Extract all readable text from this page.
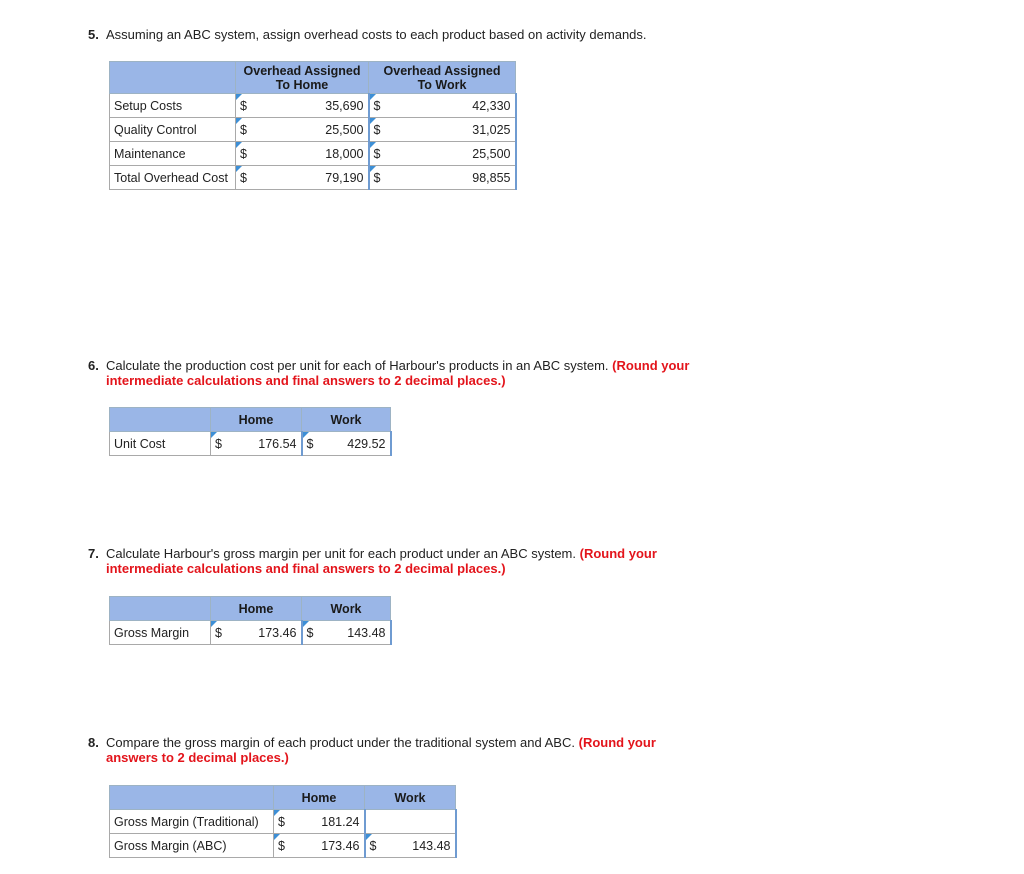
5. Assuming an ABC system, assign overhead costs to each product based on activity demands.
	Overhead Assigned
To Home		Overhead Assigned
To Work	
Setup Costs	$	35,690	$	42,330
Quality Control	$	25,500	$	31,025
Maintenance	$	18,000	$	25,500
Total Overhead Cost	$	79,190	$	98,855
6. Calculate the production cost per unit for each of Harbour's products in an ABC system. (Round your
intermediate calculations and final answers to 2 decimal places.)
	Home		Work	
Unit Cost	$	176.54	$	429.52
7. Calculate Harbour's gross margin per unit for each product under an ABC system. (Round your
intermediate calculations and final answers to 2 decimal places.)
	Home		Work	
Gross Margin	$	173.46	$	143.48
8. Compare the gross margin of each product under the traditional system and ABC. (Round your
answers to 2 decimal places.)
	Home		Work	
Gross Margin (Traditional)	$	181.24		
Gross Margin (ABC)	$	173.46	$	143.48
